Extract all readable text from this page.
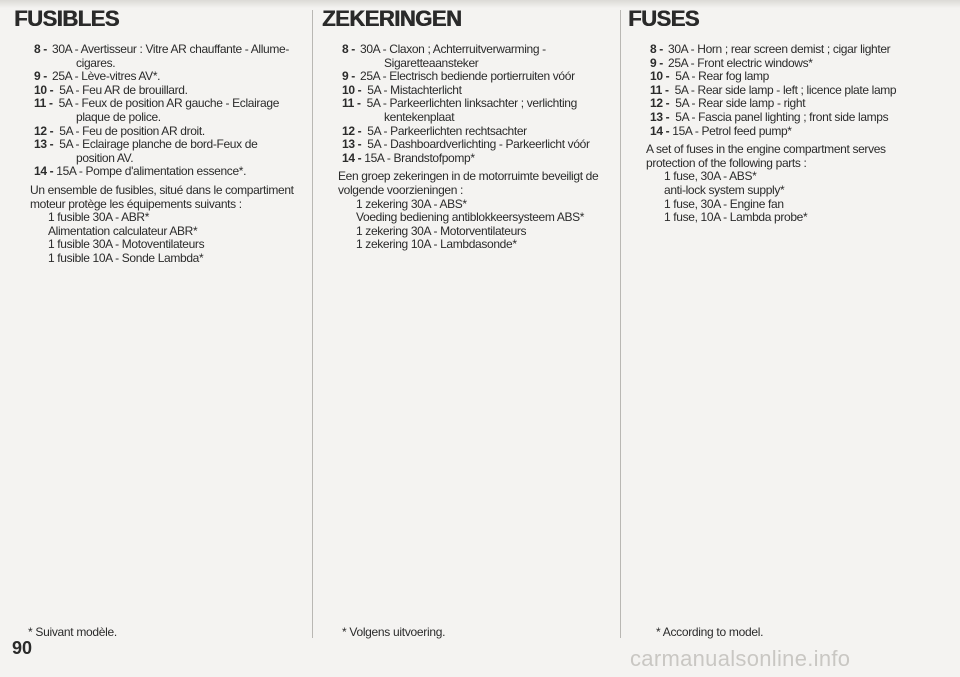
FUSIBLES
8 - 30A - Avertisseur : Vitre AR chauffante - Allume-
cigares.
9 - 25A - Lève-vitres AV*.
10 - 5A - Feu AR de brouillard.
11 - 5A - Feux de position AR gauche - Eclairage
plaque de police.
12 - 5A - Feu de position AR droit.
13 - 5A - Eclairage planche de bord-Feux de
position AV.
14 - 15A - Pompe d'alimentation essence*.
Un ensemble de fusibles, situé dans le compartiment moteur protège les équipements suivants :
1 fusible 30A - ABR*
Alimentation calculateur ABR*
1 fusible 30A - Motoventilateurs
1 fusible 10A - Sonde Lambda*
* Suivant modèle.
ZEKERINGEN
8 - 30A - Claxon ; Achterruitverwarming -
Sigaretteaansteker
9 - 25A - Electrisch bediende portierruiten vóór
10 - 5A - Mistachterlicht
11 - 5A - Parkeerlichten linksachter ; verlichting
kentekenplaat
12 - 5A - Parkeerlichten rechtsachter
13 - 5A - Dashboardverlichting - Parkeerlicht vóór
14 - 15A - Brandstofpomp*
Een groep zekeringen in de motorruimte beveiligt de volgende voorzieningen :
1 zekering 30A - ABS*
Voeding bediening antiblokkeersysteem ABS*
1 zekering 30A - Motorventilateurs
1 zekering 10A - Lambdasonde*
* Volgens uitvoering.
FUSES
8 - 30A - Horn ; rear screen demist ; cigar lighter
9 - 25A - Front electric windows*
10 - 5A - Rear fog lamp
11 - 5A - Rear side lamp - left ; licence plate lamp
12 - 5A - Rear side lamp - right
13 - 5A - Fascia panel lighting ; front side lamps
14 - 15A - Petrol feed pump*
A set of fuses in the engine compartment serves protection of the following parts :
1 fuse, 30A - ABS*
anti-lock system supply*
1 fuse, 30A - Engine fan
1 fuse, 10A - Lambda probe*
* According to model.
90	carmanualsonline.info
